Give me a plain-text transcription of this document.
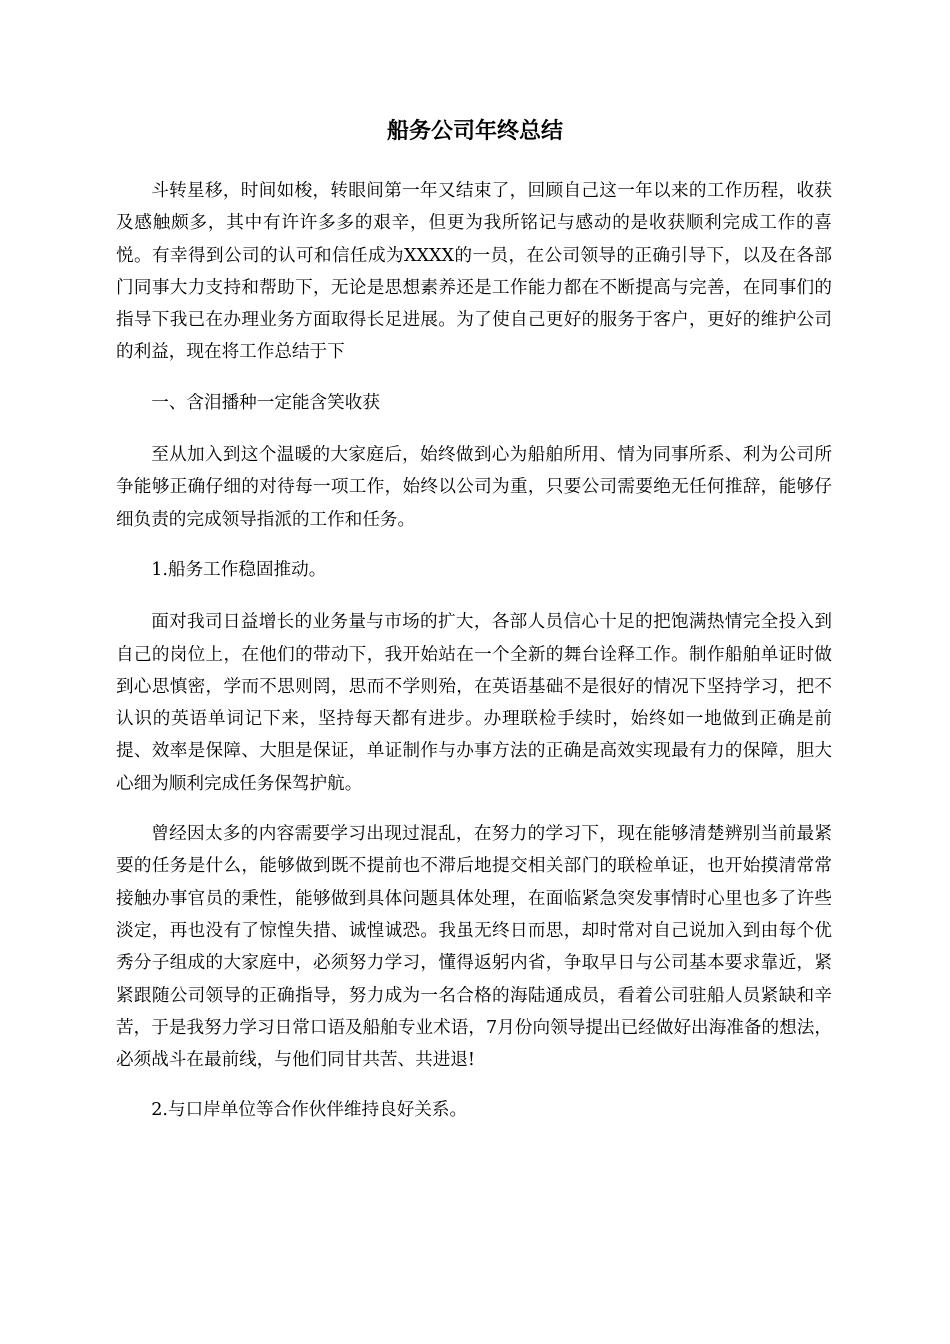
船务公司年终总结

斗转星移，时间如梭，转眼间第一年又结束了，回顾自己这一年以来的工作历程，收获及感触颇多，其中有许许多多的艰辛，但更为我所铭记与感动的是收获顺利完成工作的喜悦。有幸得到公司的认可和信任成为XXXX的一员，在公司领导的正确引导下，以及在各部门同事大力支持和帮助下，无论是思想素养还是工作能力都在不断提高与完善，在同事们的指导下我已在办理业务方面取得长足进展。为了使自己更好的服务于客户，更好的维护公司的利益，现在将工作总结于下

一、含泪播种一定能含笑收获

至从加入到这个温暖的大家庭后，始终做到心为船舶所用、情为同事所系、利为公司所争能够正确仔细的对待每一项工作，始终以公司为重，只要公司需要绝无任何推辞，能够仔细负责的完成领导指派的工作和任务。

1.船务工作稳固推动。

面对我司日益增长的业务量与市场的扩大，各部人员信心十足的把饱满热情完全投入到自己的岗位上，在他们的带动下，我开始站在一个全新的舞台诠释工作。制作船舶单证时做到心思慎密，学而不思则罔，思而不学则殆，在英语基础不是很好的情况下坚持学习，把不认识的英语单词记下来，坚持每天都有进步。办理联检手续时，始终如一地做到正确是前提、效率是保障、大胆是保证，单证制作与办事方法的正确是高效实现最有力的保障，胆大心细为顺利完成任务保驾护航。

曾经因太多的内容需要学习出现过混乱，在努力的学习下，现在能够清楚辨别当前最紧要的任务是什么，能够做到既不提前也不滞后地提交相关部门的联检单证，也开始摸清常常接触办事官员的秉性，能够做到具体问题具体处理，在面临紧急突发事情时心里也多了许些淡定，再也没有了惊惶失措、诚惶诚恐。我虽无终日而思，却时常对自己说加入到由每个优秀分子组成的大家庭中，必须努力学习，懂得返躬内省，争取早日与公司基本要求靠近，紧紧跟随公司领导的正确指导，努力成为一名合格的海陆通成员，看着公司驻船人员紧缺和辛苦，于是我努力学习日常口语及船舶专业术语，7月份向领导提出已经做好出海准备的想法，必须战斗在最前线，与他们同甘共苦、共进退!

2.与口岸单位等合作伙伴维持良好关系。
